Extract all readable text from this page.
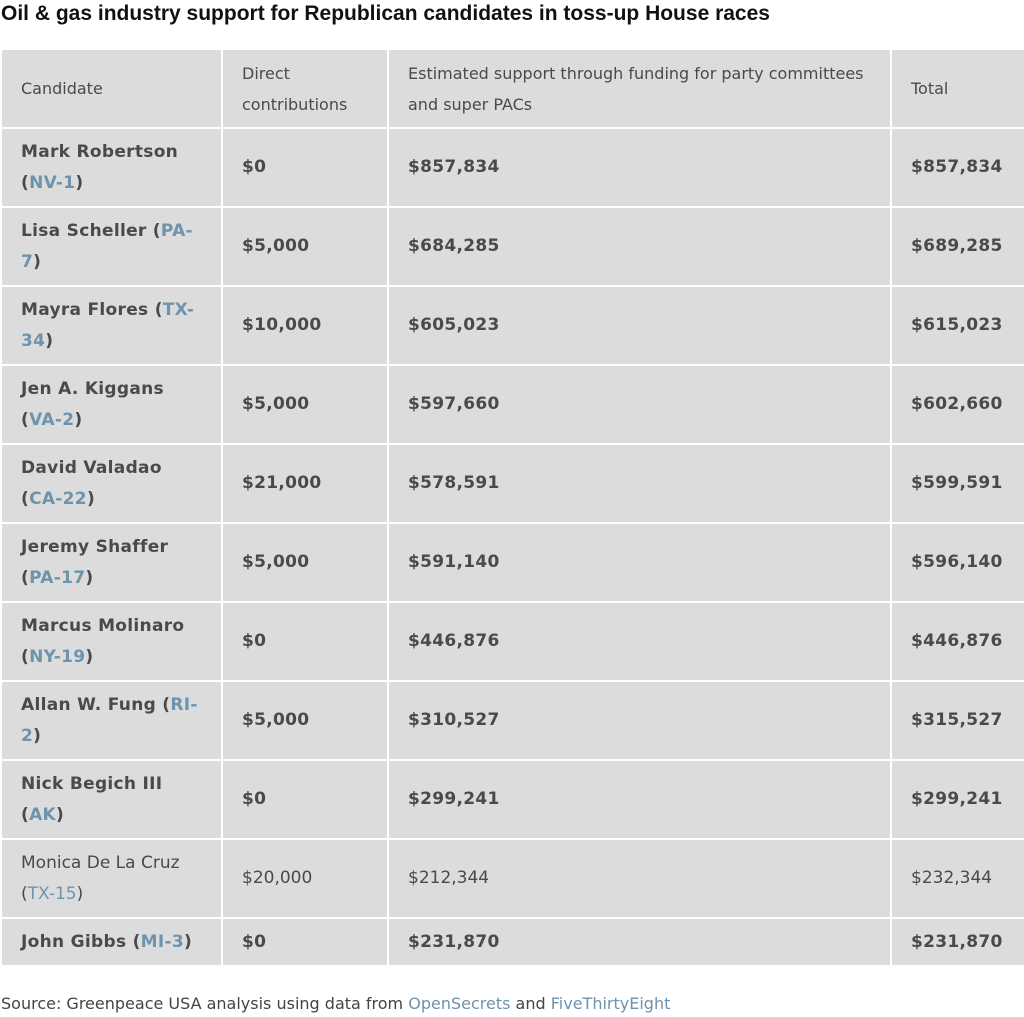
Oil & gas industry support for Republican candidates in toss-up House races
Candidate	Direct contributions	Estimated support through funding for party committees and super PACs	Total
Mark Robertson (NV-1)	$0	$857,834	$857,834
Lisa Scheller (PA-7)	$5,000	$684,285	$689,285
Mayra Flores (TX-34)	$10,000	$605,023	$615,023
Jen A. Kiggans (VA-2)	$5,000	$597,660	$602,660
David Valadao (CA-22)	$21,000	$578,591	$599,591
Jeremy Shaffer (PA-17)	$5,000	$591,140	$596,140
Marcus Molinaro (NY-19)	$0	$446,876	$446,876
Allan W. Fung (RI-2)	$5,000	$310,527	$315,527
Nick Begich III (AK)	$0	$299,241	$299,241
Monica De La Cruz (TX-15)	$20,000	$212,344	$232,344
John Gibbs (MI-3)	$0	$231,870	$231,870
Source: Greenpeace USA analysis using data from OpenSecrets and FiveThirtyEight
